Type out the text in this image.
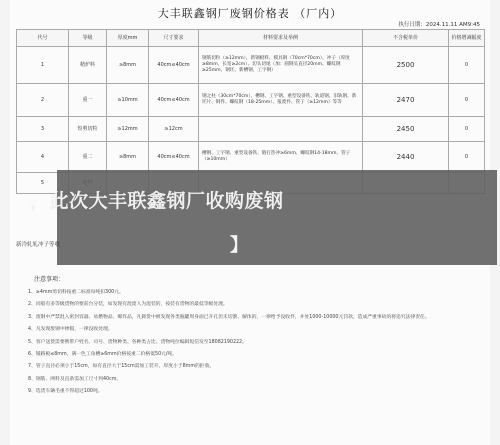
大丰联鑫钢厂废钢价格表 （厂内）
执行日期：2024.11.11 AM9:45
代号	等级	厚度mm	尺寸要求	材料要求及举例	不含税单价	价格增减幅度
1	精炉料	≥8mm	40cm≤40cm	钢筋切粒（≥12mm）、新钢板料、模具钢（70cm*70cm）、冲子（厚度≥8mm，长宽≥2cm）、切头切尾（加：圆钢头直径20mm、螺纹钢≥25mm、钢坯、新槽钢、工字钢）	2500	0
2	重一	≥10mm	40cm≤40cm	钢之柱（30cm*70cm）、槽钢、工字钢、重型设备铁、轨道钢、旧轨钢、新坯片、钢件、螺纹钢（18-25mm）、报废件、管子（≥12mm）等等	2470	0
3	短剪切粒	≥12mm	≥12cm		2450	0
4	重二	≥8mm	40cm≤40cm	槽钢、工字钢、重型设备铁、锻打热冲≥6mm、螺纹钢14-18mm、管子（≥10mm）	2440	0
5						
注意事项：
1、≥4mm剪切料按重二标准每吨扣300元。
2、同船有多等级货物的要前台分装，如发现有混废人为混装的，按装有货物的最低等级处理。
3、废钢中严禁混入密封容器、易燃物品、爆炸品，凡卸货中被发现各类瓶罐周身面已开孔但未切割、解体的，一律给予没收件，并处1000-10000元罚款，造成严重事故的将追究法律责任。
4、凡发现废钢中掺假，一律没收处理。
5、客户送货需要携带户姓名、司号、货物种类、各种类占比、货物吨位编辑短信发至18082190222。
6、铺路板≤8mm，满一色工角槽≥6mm价格按重二价格低50元/吨。
7、管子直径必须小于15cm，如有直径大于15cm需加工装开，厚度小于8mm的拒收。
8、钢筋、网料及直条需加工尺寸到40cm。
9、选货车辆毛重不得超过100吨。
，此次大丰联鑫钢厂收购废钢
】
新冷轧轧冲子等收
